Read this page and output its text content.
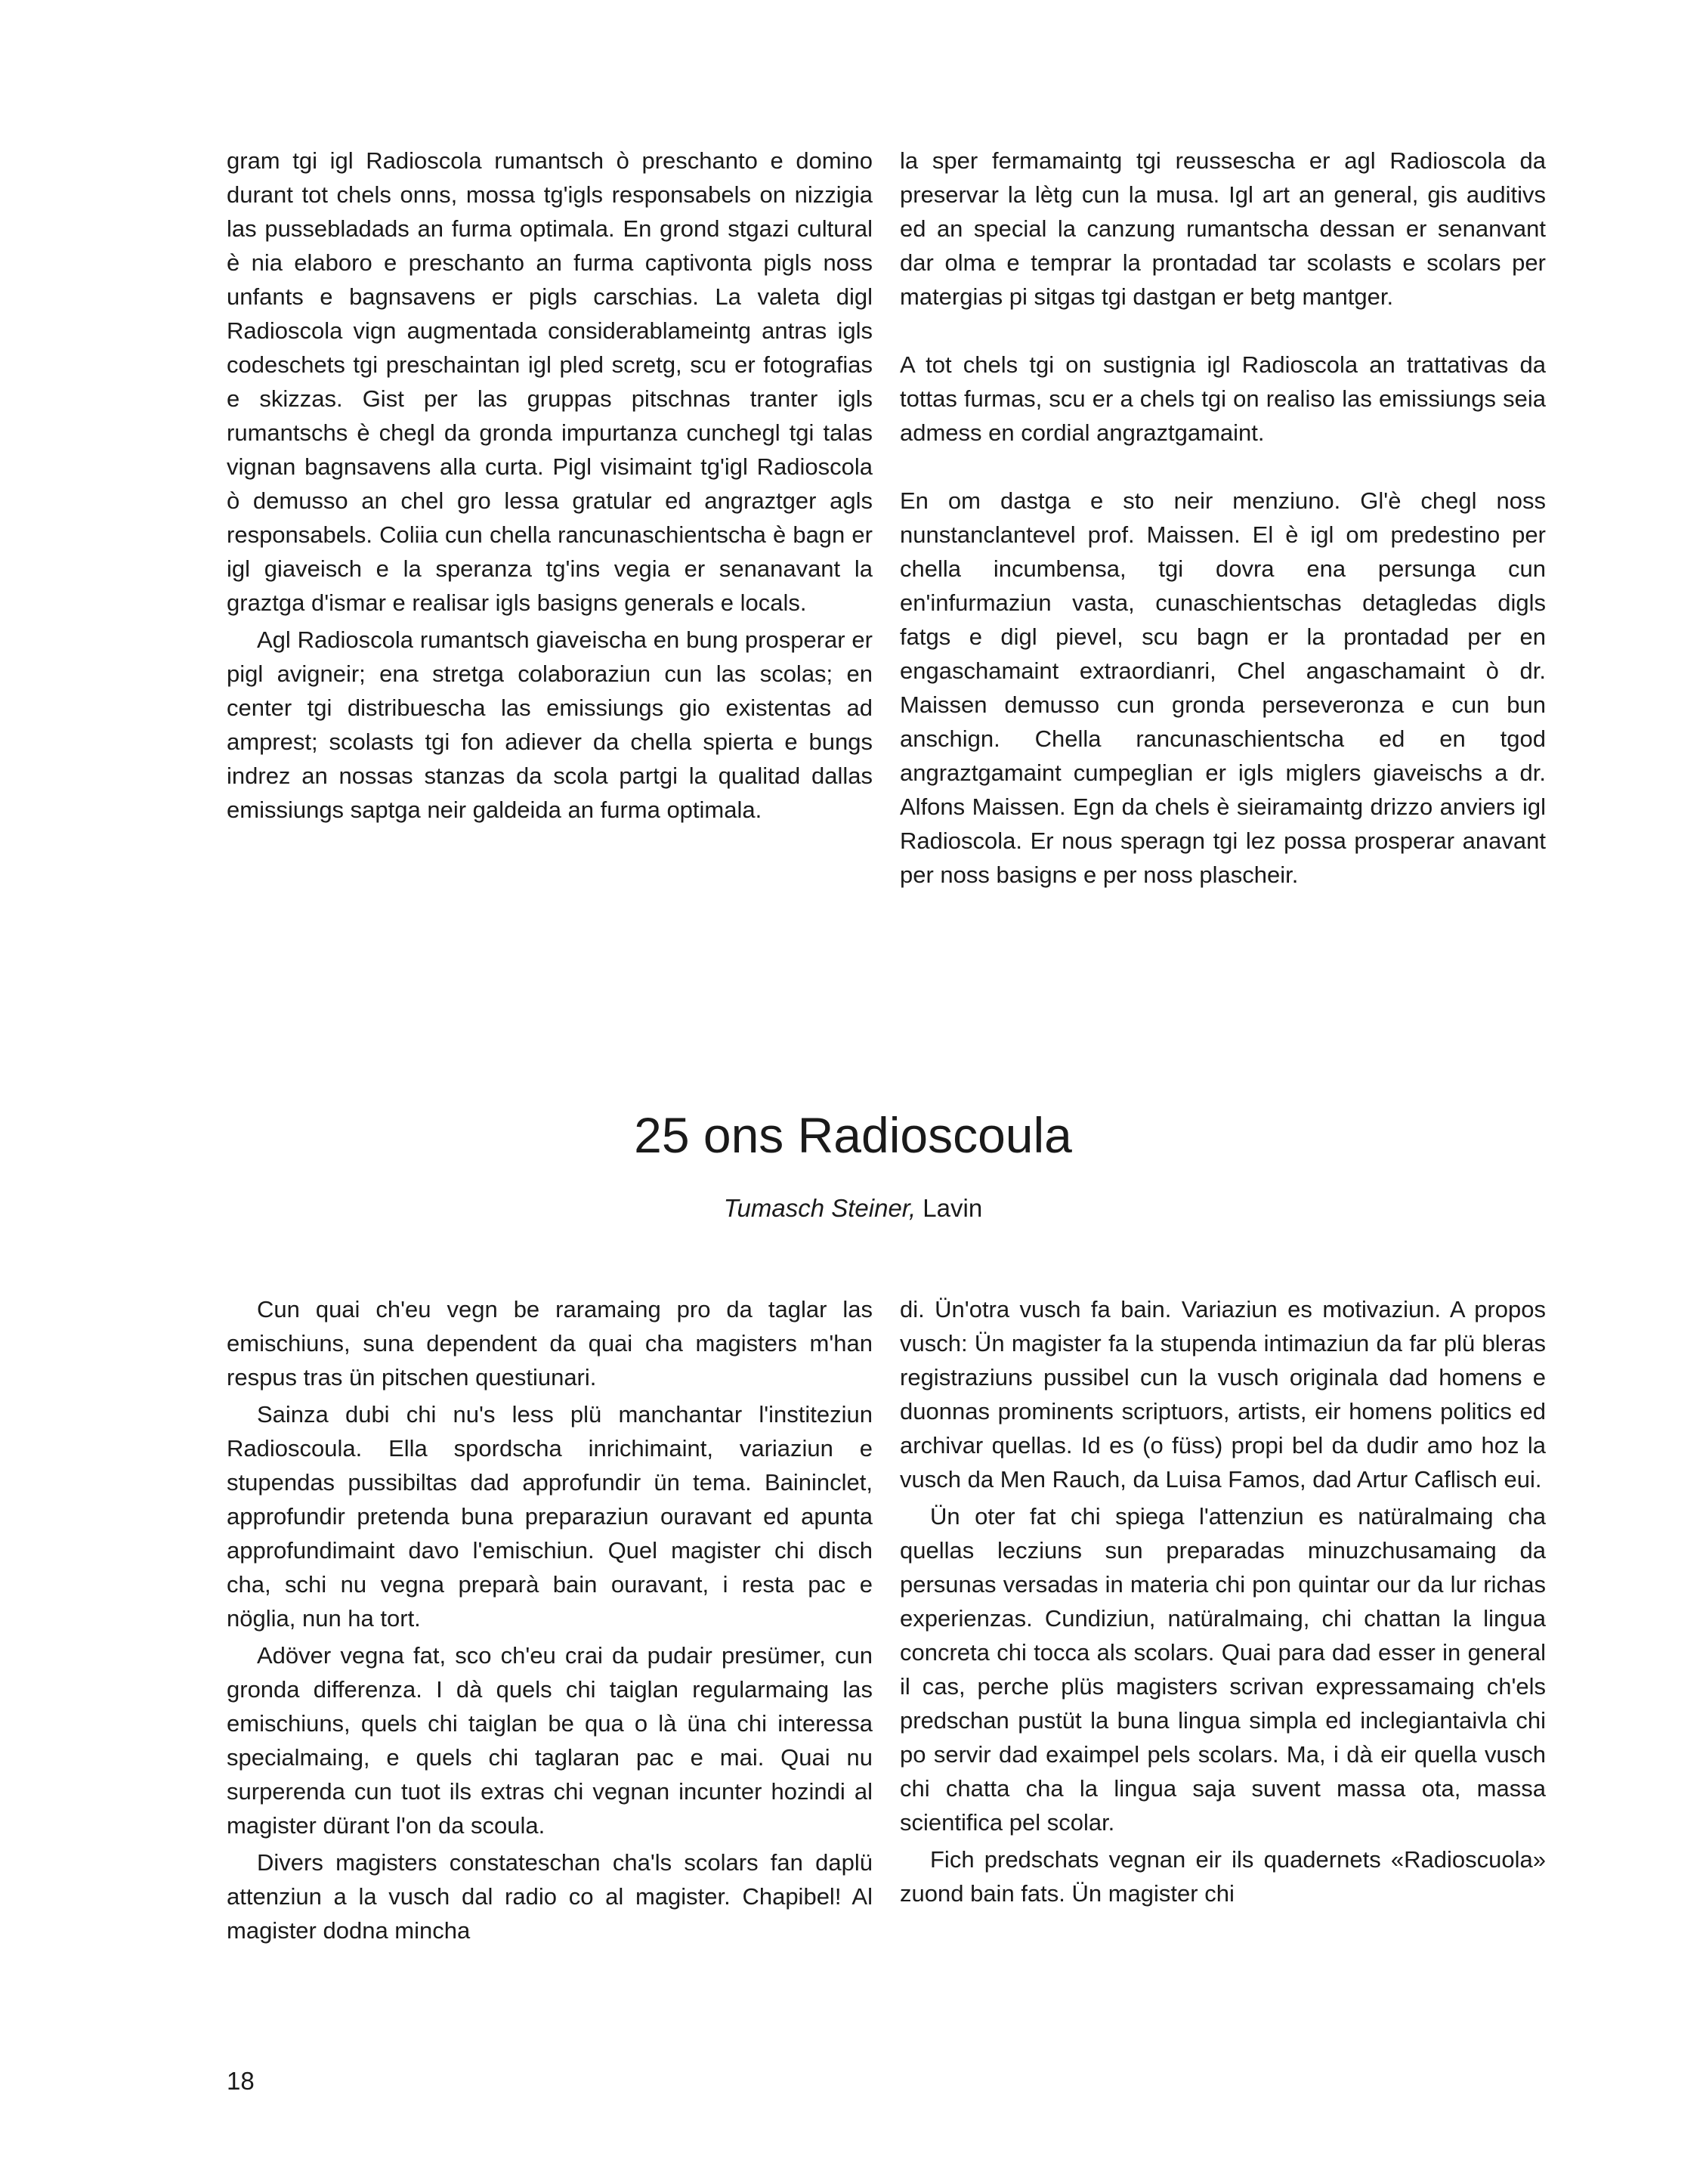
gram tgi igl Radioscola rumantsch ò preschanto e domino durant tot chels onns, mossa tg'igls responsabels on nizzigia las pussebladads an furma optimala. En grond stgazi cultural è nia elaboro e preschanto an furma captivonta pigls noss unfants e bagnsavens er pigls carschias. La valeta digl Radioscola vign augmentada considerablameintg antras igls codeschets tgi preschaintan igl pled scretg, scu er fotografias e skizzas. Gist per las gruppas pitschnas tranter igls rumantschs è chegl da gronda impurtanza cunchegl tgi talas vignan bagnsavens alla curta. Pigl visimaint tg'igl Radioscola ò demusso an chel gro lessa gratular ed angraztger agls responsabels. Coliia cun chella rancunaschientscha è bagn er igl giaveisch e la speranza tg'ins vegia er senanavant la graztga d'ismar e realisar igls basigns generals e locals.

Agl Radioscola rumantsch giaveischa en bung prosperar er pigl avigneir; ena stretga colaboraziun cun las scolas; en center tgi distribuescha las emissiungs gio existentas ad amprest; scolasts tgi fon adiever da chella spierta e bungs indrez an nossas stanzas da scola partgi la qualitad dallas emissiungs saptga neir galdeida an furma optimala.

la sper fermamaintg tgi reussescha er agl Radioscola da preservar la lètg cun la musa. Igl art an general, gis auditivs ed an special la canzung rumantscha dessan er senanvant dar olma e temprar la prontadad tar scolasts e scolars per matergias pi sitgas tgi dastgan er betg mantger.

A tot chels tgi on sustignia igl Radioscola an trattativas da tottas furmas, scu er a chels tgi on realiso las emissiungs seia admess en cordial angraztgamaint.

En om dastga e sto neir menziuno. Gl'è chegl noss nunstanclantevel prof. Maissen. El è igl om predestino per chella incumbensa, tgi dovra ena persunga cun en'infurmaziun vasta, cunaschientschas detagledas digls fatgs e digl pievel, scu bagn er la prontadad per en engaschamaint extraordianri, Chel angaschamaint ò dr. Maissen demusso cun gronda perseveronza e cun bun anschign. Chella rancunaschientscha ed en tgod angraztgamaint cumpeglian er igls miglers giaveischs a dr. Alfons Maissen. Egn da chels è sieiramaintg drizzo anviers igl Radioscola. Er nous speragn tgi lez possa prosperar anavant per noss basigns e per noss plascheir.

25 ons Radioscoula
Tumasch Steiner, Lavin

Cun quai ch'eu vegn be raramaing pro da taglar las emischiuns, suna dependent da quai cha magisters m'han respus tras ün pitschen questiunari.

Sainza dubi chi nu's less plü manchantar l'institeziun Radioscoula. Ella spordscha inrichimaint, variaziun e stupendas pussibiltas dad approfundir ün tema. Baininclet, approfundir pretenda buna preparaziun ouravant ed apunta approfundimaint davo l'emischiun. Quel magister chi disch cha, schi nu vegna preparà bain ouravant, i resta pac e nöglia, nun ha tort.

Adöver vegna fat, sco ch'eu crai da pudair presümer, cun gronda differenza. I dà quels chi taiglan regularmaing las emischiuns, quels chi taiglan be qua o là üna chi interessa specialmaing, e quels chi taglaran pac e mai. Quai nu surperenda cun tuot ils extras chi vegnan incunter hozindi al magister dürant l'on da scoula.

Divers magisters constateschan cha'ls scolars fan daplü attenziun a la vusch dal radio co al magister. Chapibel! Al magister dodna mincha

di. Ün'otra vusch fa bain. Variaziun es motivaziun. A propos vusch: Ün magister fa la stupenda intimaziun da far plü bleras registraziuns pussibel cun la vusch originala dad homens e duonnas prominents scriptuors, artists, eir homens politics ed archivar quellas. Id es (o füss) propi bel da dudir amo hoz la vusch da Men Rauch, da Luisa Famos, dad Artur Caflisch eui.

Ün oter fat chi spiega l'attenziun es natüralmaing cha quellas lecziuns sun preparadas minuzchusamaing da persunas versadas in materia chi pon quintar our da lur richas experienzas. Cundiziun, natüralmaing, chi chattan la lingua concreta chi tocca als scolars. Quai para dad esser in general il cas, perche plüs magisters scrivan expressamaing ch'els predschan pustüt la buna lingua simpla ed inclegiantaivla chi po servir dad exaimpel pels scolars. Ma, i dà eir quella vusch chi chatta cha la lingua saja suvent massa ota, massa scientifica pel scolar.

Fich predschats vegnan eir ils quadernets «Radioscuola» zuond bain fats. Ün magister chi

18
